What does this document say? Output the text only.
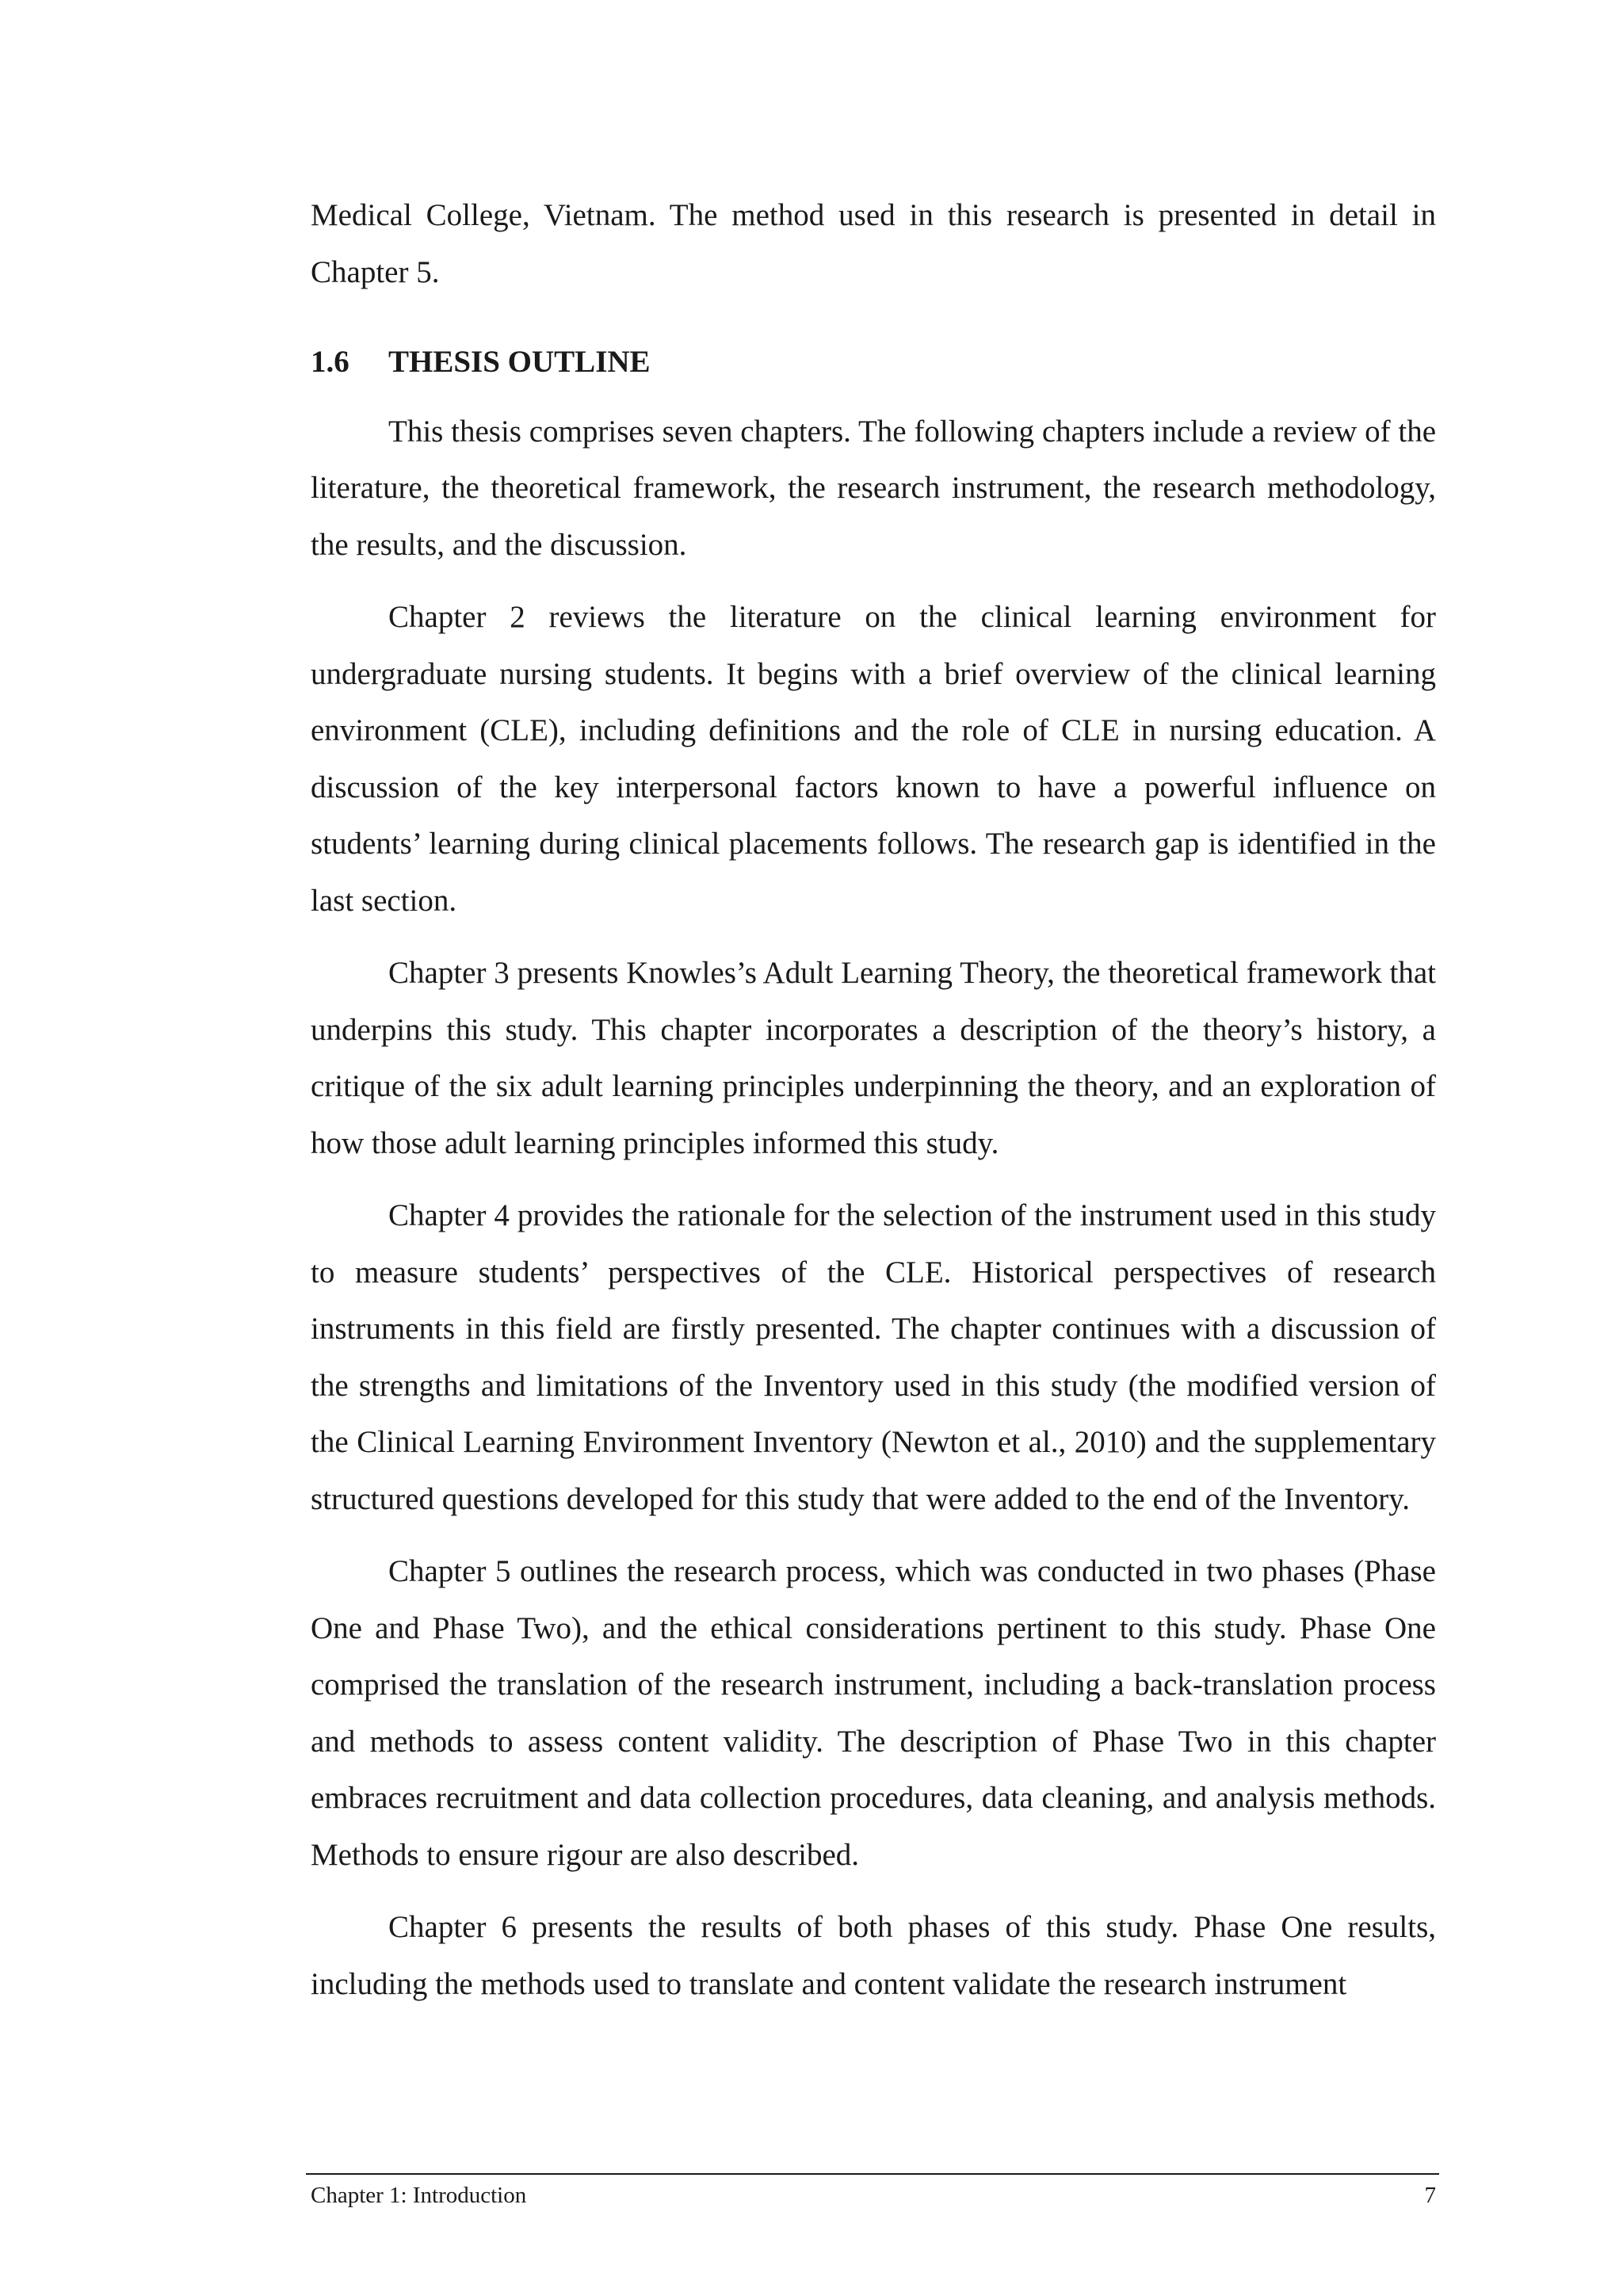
Medical College, Vietnam. The method used in this research is presented in detail in Chapter 5.

1.6	THESIS OUTLINE

This thesis comprises seven chapters. The following chapters include a review of the literature, the theoretical framework, the research instrument, the research methodology, the results, and the discussion.

Chapter 2 reviews the literature on the clinical learning environment for undergraduate nursing students. It begins with a brief overview of the clinical learning environment (CLE), including definitions and the role of CLE in nursing education. A discussion of the key interpersonal factors known to have a powerful influence on students’ learning during clinical placements follows. The research gap is identified in the last section.

Chapter 3 presents Knowles’s Adult Learning Theory, the theoretical framework that underpins this study. This chapter incorporates a description of the theory’s history, a critique of the six adult learning principles underpinning the theory, and an exploration of how those adult learning principles informed this study.

Chapter 4 provides the rationale for the selection of the instrument used in this study to measure students’ perspectives of the CLE. Historical perspectives of research instruments in this field are firstly presented. The chapter continues with a discussion of the strengths and limitations of the Inventory used in this study (the modified version of the Clinical Learning Environment Inventory (Newton et al., 2010) and the supplementary structured questions developed for this study that were added to the end of the Inventory.

Chapter 5 outlines the research process, which was conducted in two phases (Phase One and Phase Two), and the ethical considerations pertinent to this study. Phase One comprised the translation of the research instrument, including a back-translation process and methods to assess content validity. The description of Phase Two in this chapter embraces recruitment and data collection procedures, data cleaning, and analysis methods. Methods to ensure rigour are also described.

Chapter 6 presents the results of both phases of this study. Phase One results, including the methods used to translate and content validate the research instrument

Chapter 1: Introduction	7
